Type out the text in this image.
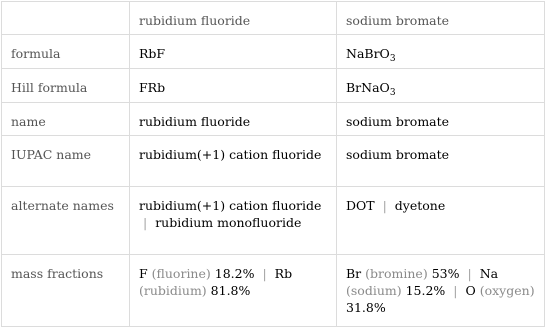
	rubidium fluoride	sodium bromate
formula	RbF	NaBrO$_3$
Hill formula	FRb	BrNaO$_3$
name	rubidium fluoride	sodium bromate
IUPAC name	rubidium(+1) cation fluoride	sodium bromate
alternate names	rubidium(+1) cation fluoride | rubidium monofluoride	DOT | dyetone
mass fractions	F (fluorine) 18.2% | Rb (rubidium) 81.8%	Br (bromine) 53% | Na (sodium) 15.2% | O (oxygen) 31.8%
